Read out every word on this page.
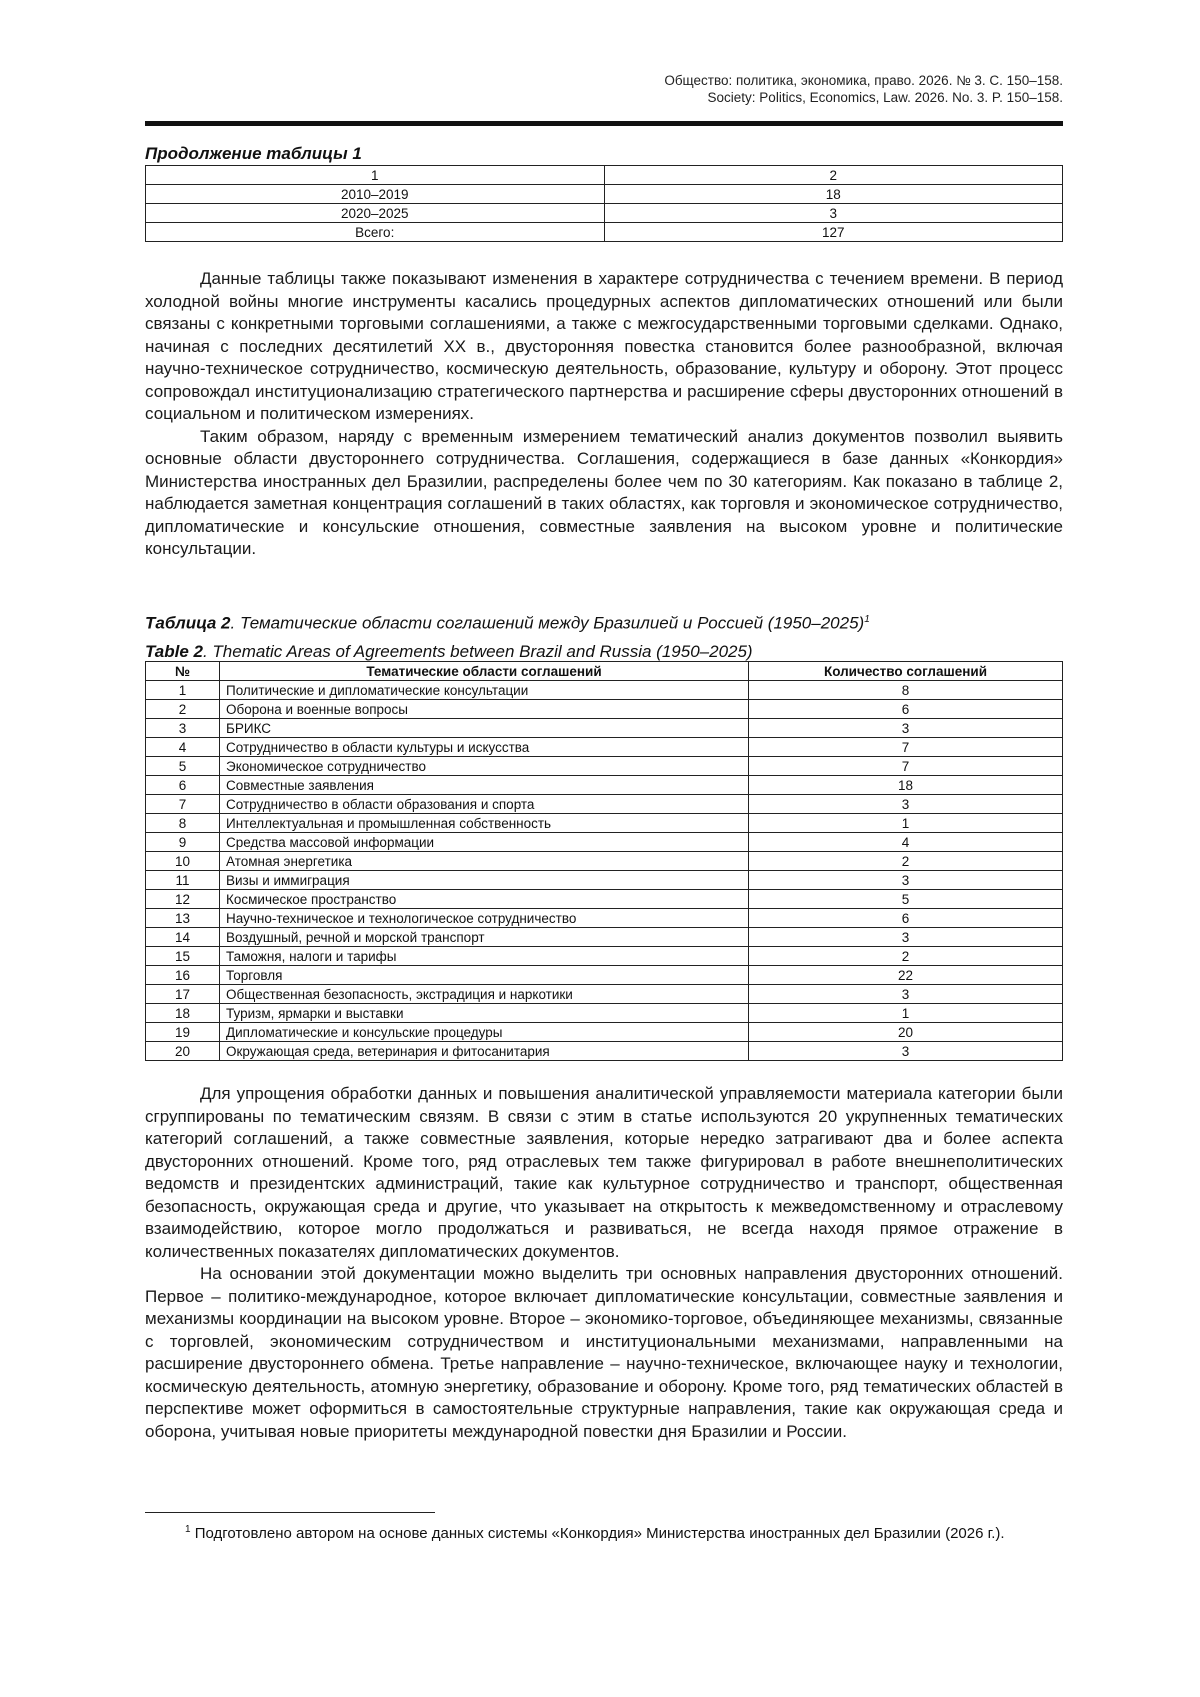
Общество: политика, экономика, право. 2026. № 3. С. 150–158.
Society: Politics, Economics, Law. 2026. No. 3. P. 150–158.
Продолжение таблицы 1
1	2
2010–2019	18
2020–2025	3
Всего:	127

Данные таблицы также показывают изменения в характере сотрудничества с течением времени. В период холодной войны многие инструменты касались процедурных аспектов дипломатических отношений или были связаны с конкретными торговыми соглашениями, а также с межгосударственными торговыми сделками. Однако, начиная с последних десятилетий XX в., двусторонняя повестка становится более разнообразной, включая научно-техническое сотрудничество, космическую деятельность, образование, культуру и оборону. Этот процесс сопровождал институционализацию стратегического партнерства и расширение сферы двусторонних отношений в социальном и политическом измерениях.

Таким образом, наряду с временным измерением тематический анализ документов позволил выявить основные области двустороннего сотрудничества. Соглашения, содержащиеся в базе данных «Конкордия» Министерства иностранных дел Бразилии, распределены более чем по 30 категориям. Как показано в таблице 2, наблюдается заметная концентрация соглашений в таких областях, как торговля и экономическое сотрудничество, дипломатические и консульские отношения, совместные заявления на высоком уровне и политические консультации.

Таблица 2. Тематические области соглашений между Бразилией и Россией (1950–2025)$^1$
Table 2. Thematic Areas of Agreements between Brazil and Russia (1950–2025)
№	Тематические области соглашений	Количество соглашений
1	Политические и дипломатические консультации	8
2	Оборона и военные вопросы	6
3	БРИКС	3
4	Сотрудничество в области культуры и искусства	7
5	Экономическое сотрудничество	7
6	Совместные заявления	18
7	Сотрудничество в области образования и спорта	3
8	Интеллектуальная и промышленная собственность	1
9	Средства массовой информации	4
10	Атомная энергетика	2
11	Визы и иммиграция	3
12	Космическое пространство	5
13	Научно-техническое и технологическое сотрудничество	6
14	Воздушный, речной и морской транспорт	3
15	Таможня, налоги и тарифы	2
16	Торговля	22
17	Общественная безопасность, экстрадиция и наркотики	3
18	Туризм, ярмарки и выставки	1
19	Дипломатические и консульские процедуры	20
20	Окружающая среда, ветеринария и фитосанитария	3

Для упрощения обработки данных и повышения аналитической управляемости материала категории были сгруппированы по тематическим связям. В связи с этим в статье используются 20 укрупненных тематических категорий соглашений, а также совместные заявления, которые нередко затрагивают два и более аспекта двусторонних отношений. Кроме того, ряд отраслевых тем также фигурировал в работе внешнеполитических ведомств и президентских администраций, такие как культурное сотрудничество и транспорт, общественная безопасность, окружающая среда и другие, что указывает на открытость к межведомственному и отраслевому взаимодействию, которое могло продолжаться и развиваться, не всегда находя прямое отражение в количественных показателях дипломатических документов.

На основании этой документации можно выделить три основных направления двусторонних отношений. Первое – политико-международное, которое включает дипломатические консультации, совместные заявления и механизмы координации на высоком уровне. Второе – экономико-торговое, объединяющее механизмы, связанные с торговлей, экономическим сотрудничеством и институциональными механизмами, направленными на расширение двустороннего обмена. Третье направление – научно-техническое, включающее науку и технологии, космическую деятельность, атомную энергетику, образование и оборону. Кроме того, ряд тематических областей в перспективе может оформиться в самостоятельные структурные направления, такие как окружающая среда и оборона, учитывая новые приоритеты международной повестки дня Бразилии и России.

$^1$ Подготовлено автором на основе данных системы «Конкордия» Министерства иностранных дел Бразилии (2026 г.).
